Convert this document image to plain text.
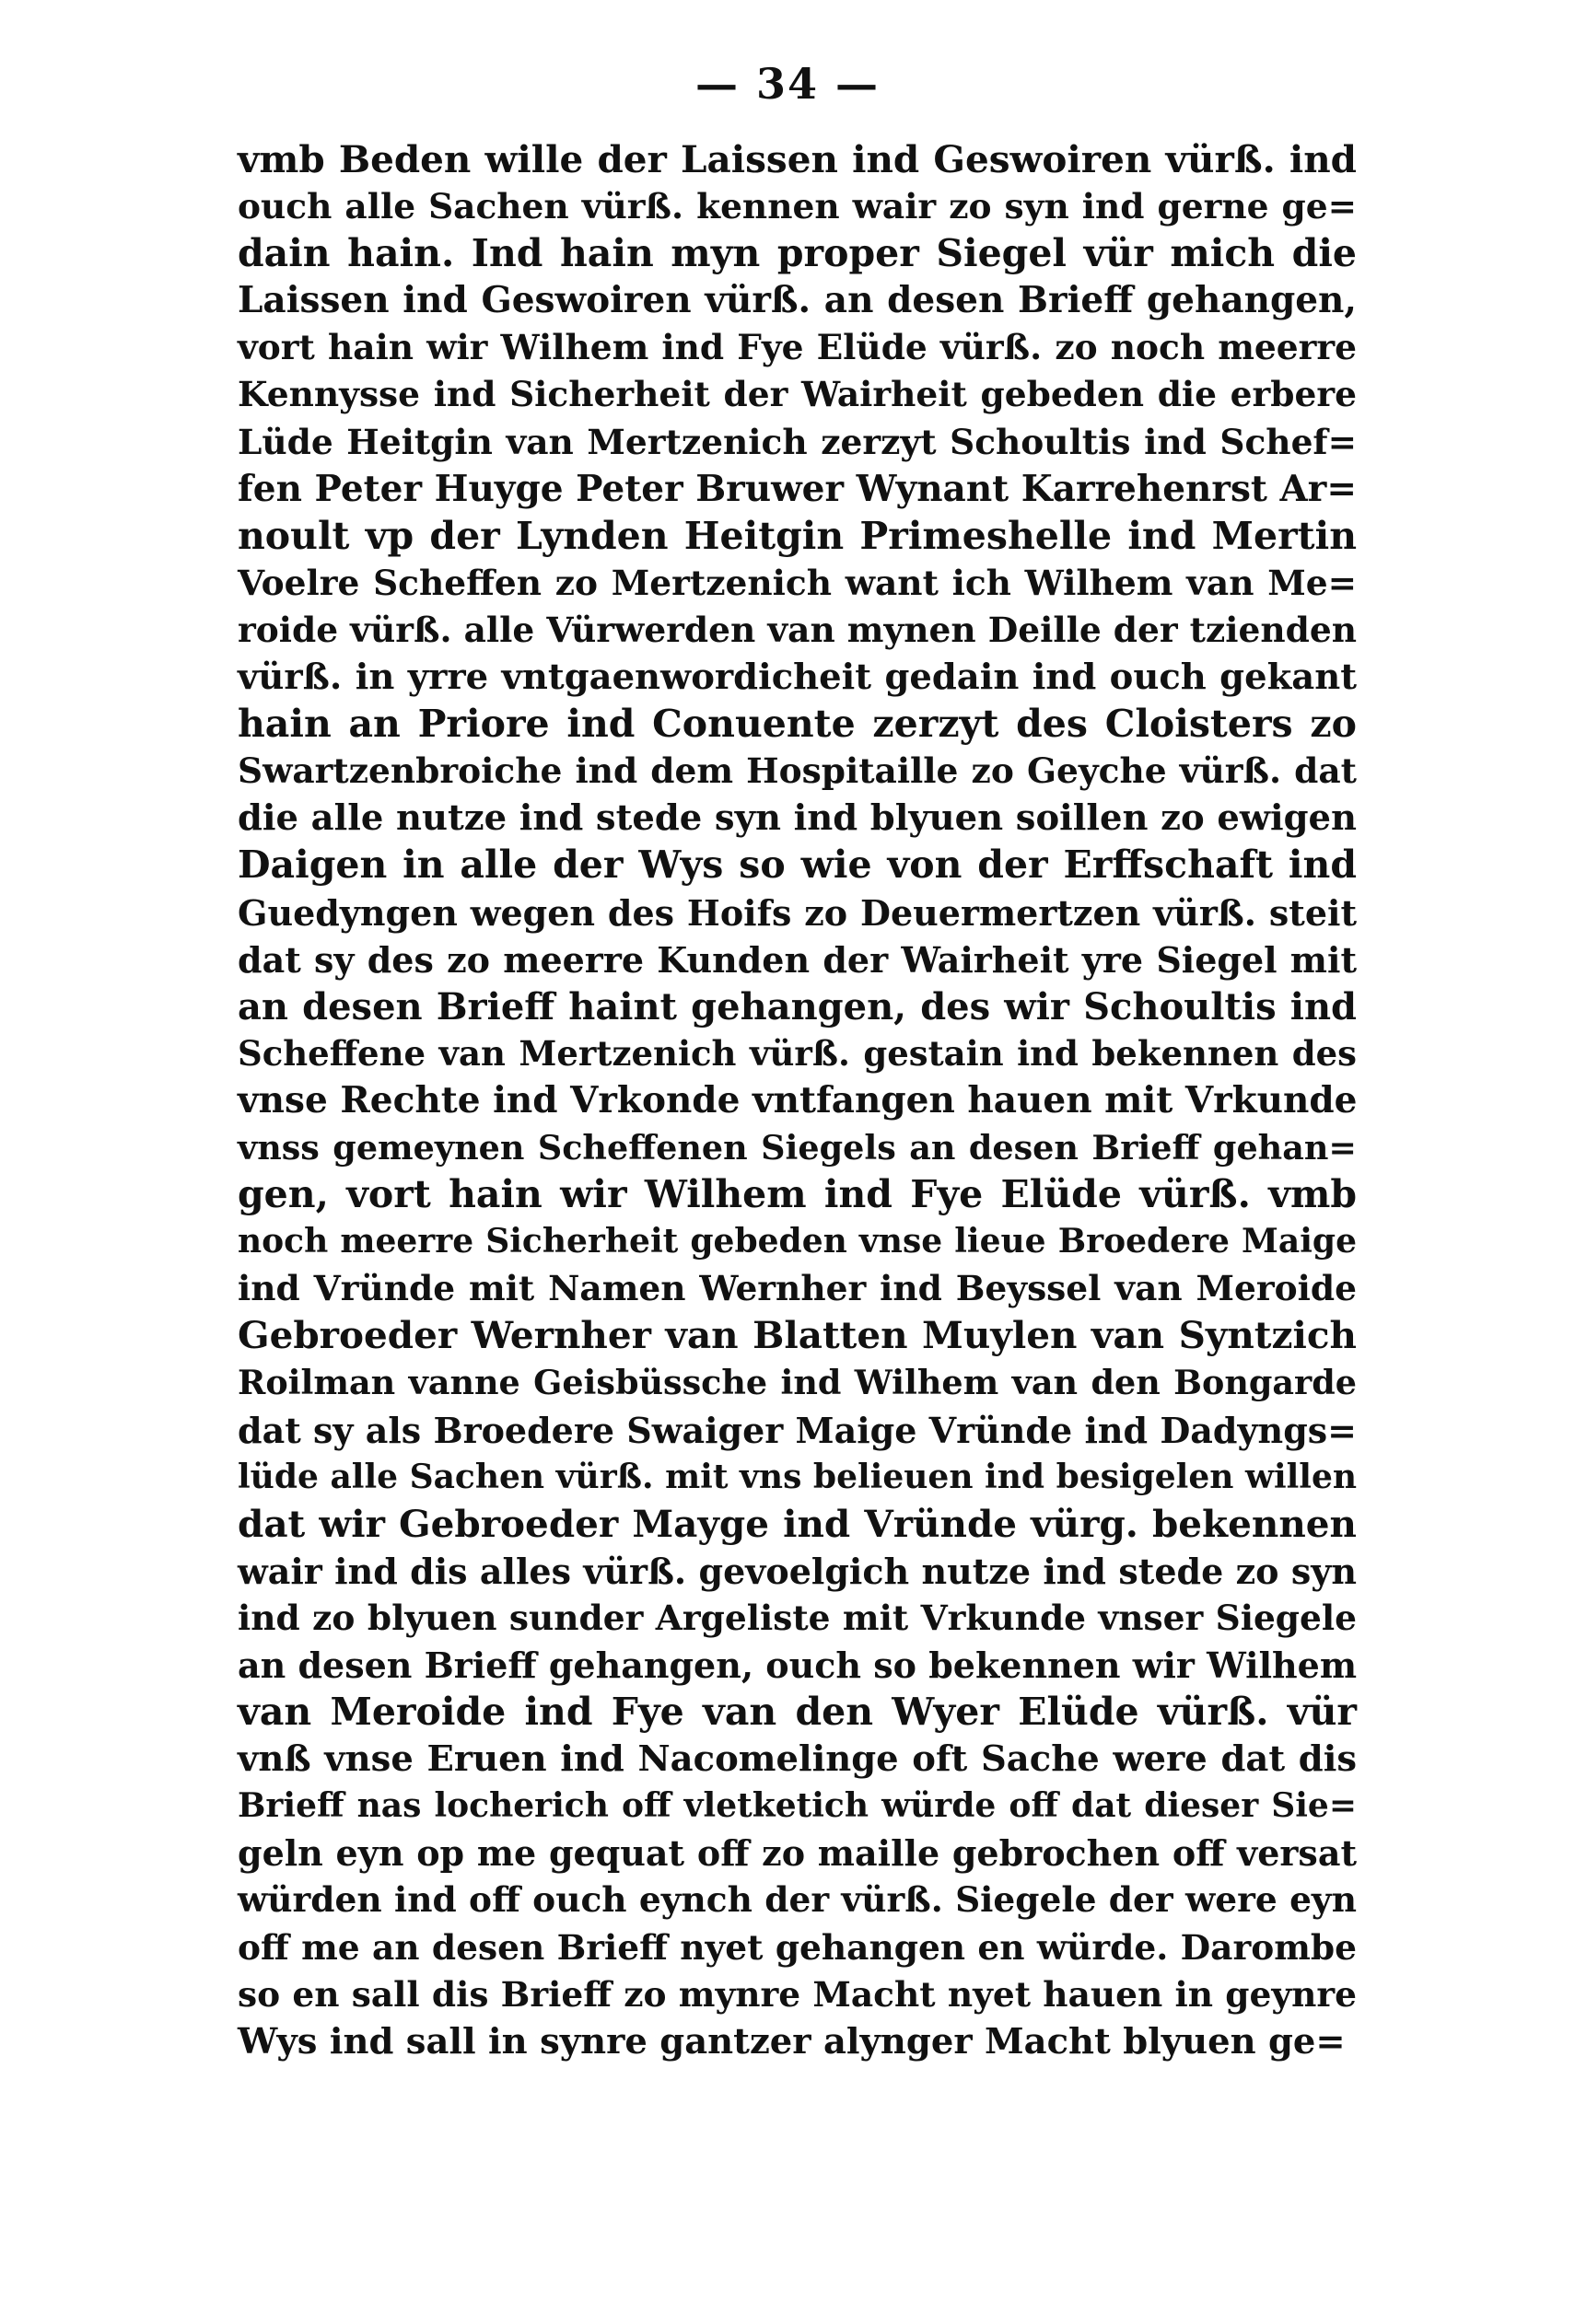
— 34 —
vmb Beden wille der Laissen ind Geswoiren vürß. ind
ouch alle Sachen vürß. kennen wair zo syn ind gerne ge=
dain hain. Ind hain myn proper Siegel vür mich die
Laissen ind Geswoiren vürß. an desen Brieff gehangen,
vort hain wir Wilhem ind Fye Elüde vürß. zo noch meerre
Kennysse ind Sicherheit der Wairheit gebeden die erbere
Lüde Heitgin van Mertzenich zerzyt Schoultis ind Schef=
fen Peter Huyge Peter Bruwer Wynant Karrehenrst Ar=
noult vp der Lynden Heitgin Primeshelle ind Mertin
Voelre Scheffen zo Mertzenich want ich Wilhem van Me=
roide vürß. alle Vürwerden van mynen Deille der tzienden
vürß. in yrre vntgaenwordicheit gedain ind ouch gekant
hain an Priore ind Conuente zerzyt des Cloisters zo
Swartzenbroiche ind dem Hospitaille zo Geyche vürß. dat
die alle nutze ind stede syn ind blyuen soillen zo ewigen
Daigen in alle der Wys so wie von der Erffschaft ind
Guedyngen wegen des Hoifs zo Deuermertzen vürß. steit
dat sy des zo meerre Kunden der Wairheit yre Siegel mit
an desen Brieff haint gehangen, des wir Schoultis ind
Scheffene van Mertzenich vürß. gestain ind bekennen des
vnse Rechte ind Vrkonde vntfangen hauen mit Vrkunde
vnss gemeynen Scheffenen Siegels an desen Brieff gehan=
gen, vort hain wir Wilhem ind Fye Elüde vürß. vmb
noch meerre Sicherheit gebeden vnse lieue Broedere Maige
ind Vründe mit Namen Wernher ind Beyssel van Meroide
Gebroeder Wernher van Blatten Muylen van Syntzich
Roilman vanne Geisbüssche ind Wilhem van den Bongarde
dat sy als Broedere Swaiger Maige Vründe ind Dadyngs=
lüde alle Sachen vürß. mit vns belieuen ind besigelen willen
dat wir Gebroeder Mayge ind Vründe vürg. bekennen
wair ind dis alles vürß. gevoelgich nutze ind stede zo syn
ind zo blyuen sunder Argeliste mit Vrkunde vnser Siegele
an desen Brieff gehangen, ouch so bekennen wir Wilhem
van Meroide ind Fye van den Wyer Elüde vürß. vür
vnß vnse Eruen ind Nacomelinge oft Sache were dat dis
Brieff nas locherich off vletketich würde off dat dieser Sie=
geln eyn op me gequat off zo maille gebrochen off versat
würden ind off ouch eynch der vürß. Siegele der were eyn
off me an desen Brieff nyet gehangen en würde. Darombe
so en sall dis Brieff zo mynre Macht nyet hauen in geynre
Wys ind sall in synre gantzer alynger Macht blyuen ge=
